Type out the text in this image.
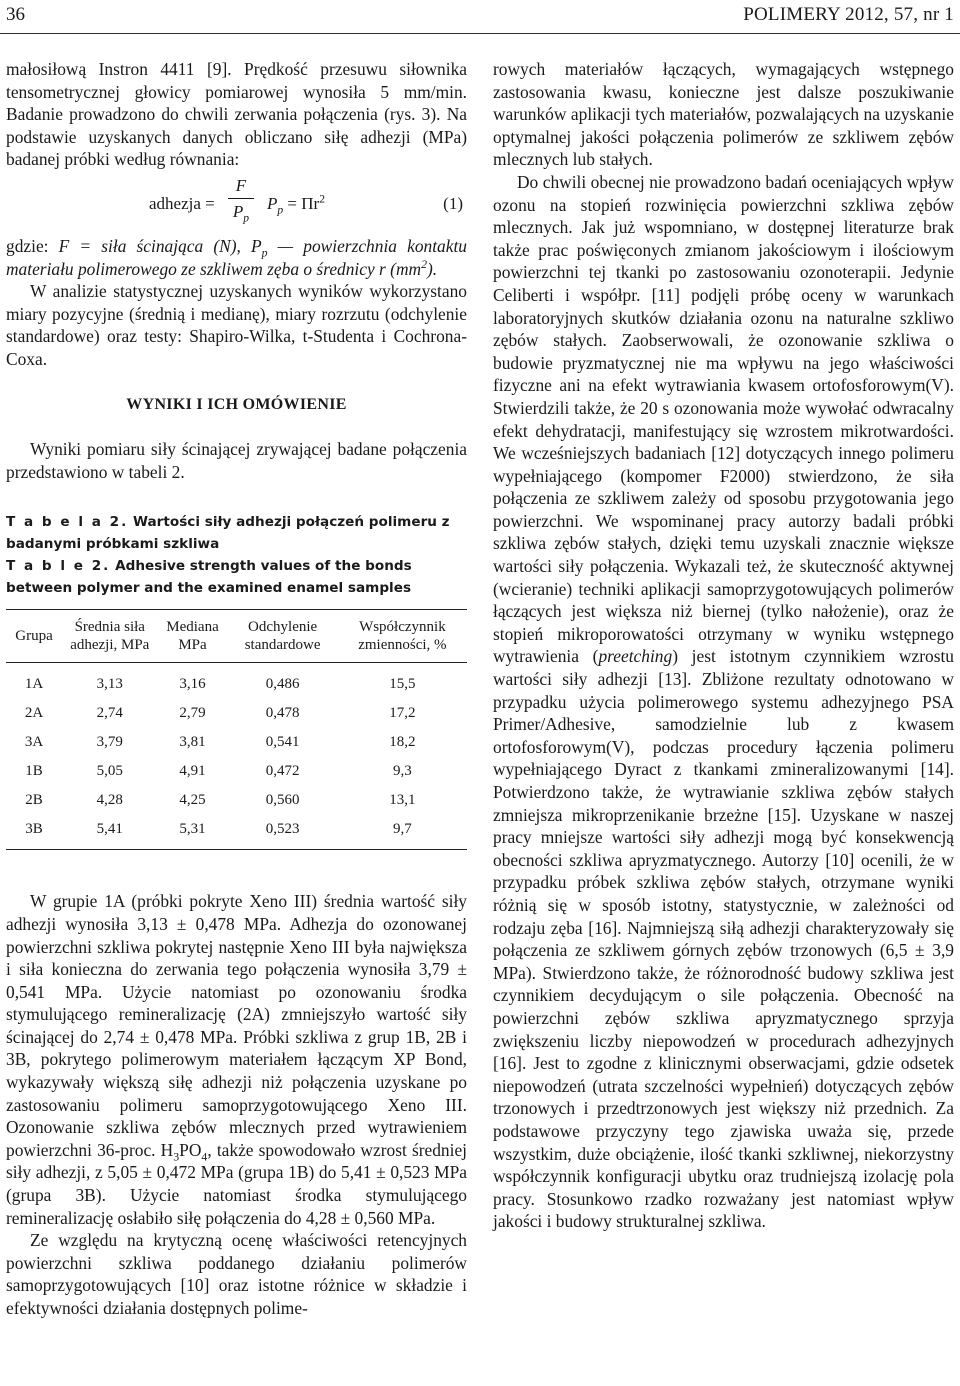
36	POLIMERY 2012, 57, nr 1

małosiłową Instron 4411 [9]. Prędkość przesuwu siłownika tensometrycznej głowicy pomiarowej wynosiła 5 mm/min. Badanie prowadzono do chwili zerwania połączenia (rys. 3). Na podstawie uzyskanych danych obliczano siłę adhezji (MPa) badanej próbki według równania:

adhezja =
F
$P_p$
$P_p = \Pi r^2$	(1)

gdzie: F = siła ścinająca (N), $P_p$ — powierzchnia kontaktu materiału polimerowego ze szkliwem zęba o średnicy r $(mm^2)$.

W analizie statystycznej uzyskanych wyników wykorzystano miary pozycyjne (średnią i medianę), miary rozrzutu (odchylenie standardowe) oraz testy: Shapiro-Wilka, t-Studenta i Cochrona-Coxa.

WYNIKI I ICH OMÓWIENIE

Wyniki pomiaru siły ścinającej zrywającej badane połączenia przedstawiono w tabeli 2.

T a b e l a 2. Wartości siły adhezji połączeń polimeru z badanymi próbkami szkliwa
T a b l e 2. Adhesive strength values of the bonds between polymer and the examined enamel samples
Grupa	Średnia siła adhezji, MPa	Mediana MPa	Odchylenie standardowe	Współczynnik zmienności, %
1A	3,13	3,16	0,486	15,5
2A	2,74	2,79	0,478	17,2
3A	3,79	3,81	0,541	18,2
1B	5,05	4,91	0,472	9,3
2B	4,28	4,25	0,560	13,1
3B	5,41	5,31	0,523	9,7

W grupie 1A (próbki pokryte Xeno III) średnia wartość siły adhezji wynosiła 3,13 ± 0,478 MPa. Adhezja do ozonowanej powierzchni szkliwa pokrytej następnie Xeno III była największa i siła konieczna do zerwania tego połączenia wynosiła 3,79 ± 0,541 MPa. Użycie natomiast po ozonowaniu środka stymulującego remineralizację (2A) zmniejszyło wartość siły ścinającej do 2,74 ± 0,478 MPa. Próbki szkliwa z grup 1B, 2B i 3B, pokrytego polimerowym materiałem łączącym XP Bond, wykazywały większą siłę adhezji niż połączenia uzyskane po zastosowaniu polimeru samoprzygotowującego Xeno III. Ozonowanie szkliwa zębów mlecznych przed wytrawieniem powierzchni 36-proc. $H_3PO_4$, także spowodowało wzrost średniej siły adhezji, z 5,05 ± 0,472 MPa (grupa 1B) do 5,41 ± 0,523 MPa (grupa 3B). Użycie natomiast środka stymulującego remineralizację osłabiło siłę połączenia do 4,28 ± 0,560 MPa.

Ze względu na krytyczną ocenę właściwości retencyjnych powierzchni szkliwa poddanego działaniu polimerów samoprzygotowujących [10] oraz istotne różnice w składzie i efektywności działania dostępnych polime-

rowych materiałów łączących, wymagających wstępnego zastosowania kwasu, konieczne jest dalsze poszukiwanie warunków aplikacji tych materiałów, pozwalających na uzyskanie optymalnej jakości połączenia polimerów ze szkliwem zębów mlecznych lub stałych.

Do chwili obecnej nie prowadzono badań oceniających wpływ ozonu na stopień rozwinięcia powierzchni szkliwa zębów mlecznych. Jak już wspomniano, w dostępnej literaturze brak także prac poświęconych zmianom jakościowym i ilościowym powierzchni tej tkanki po zastosowaniu ozonoterapii. Jedynie Celiberti i współpr. [11] podjęli próbę oceny w warunkach laboratoryjnych skutków działania ozonu na naturalne szkliwo zębów stałych. Zaobserwowali, że ozonowanie szkliwa o budowie pryzmatycznej nie ma wpływu na jego właściwości fizyczne ani na efekt wytrawiania kwasem ortofosforowym(V). Stwierdzili także, że 20 s ozonowania może wywołać odwracalny efekt dehydratacji, manifestujący się wzrostem mikrotwardości. We wcześniejszych badaniach [12] dotyczących innego polimeru wypełniającego (kompomer F2000) stwierdzono, że siła połączenia ze szkliwem zależy od sposobu przygotowania jego powierzchni. We wspominanej pracy autorzy badali próbki szkliwa zębów stałych, dzięki temu uzyskali znacznie większe wartości siły połączenia. Wykazali też, że skuteczność aktywnej (wcieranie) techniki aplikacji samoprzygotowujących polimerów łączących jest większa niż biernej (tylko nałożenie), oraz że stopień mikroporowatości otrzymany w wyniku wstępnego wytrawienia (preetching) jest istotnym czynnikiem wzrostu wartości siły adhezji [13]. Zbliżone rezultaty odnotowano w przypadku użycia polimerowego systemu adhezyjnego PSA Primer/Adhesive, samodzielnie lub z kwasem ortofosforowym(V), podczas procedury łączenia polimeru wypełniającego Dyract z tkankami zmineralizowanymi [14]. Potwierdzono także, że wytrawianie szkliwa zębów stałych zmniejsza mikroprzenikanie brzeżne [15]. Uzyskane w naszej pracy mniejsze wartości siły adhezji mogą być konsekwencją obecności szkliwa apryzmatycznego. Autorzy [10] ocenili, że w przypadku próbek szkliwa zębów stałych, otrzymane wyniki różnią się w sposób istotny, statystycznie, w zależności od rodzaju zęba [16]. Najmniejszą siłą adhezji charakteryzowały się połączenia ze szkliwem górnych zębów trzonowych (6,5 ± 3,9 MPa). Stwierdzono także, że różnorodność budowy szkliwa jest czynnikiem decydującym o sile połączenia. Obecność na powierzchni zębów szkliwa apryzmatycznego sprzyja zwiększeniu liczby niepowodzeń w procedurach adhezyjnych [16]. Jest to zgodne z klinicznymi obserwacjami, gdzie odsetek niepowodzeń (utrata szczelności wypełnień) dotyczących zębów trzonowych i przedtrzonowych jest większy niż przednich. Za podstawowe przyczyny tego zjawiska uważa się, przede wszystkim, duże obciążenie, ilość tkanki szkliwnej, niekorzystny współczynnik konfiguracji ubytku oraz trudniejszą izolację pola pracy. Stosunkowo rzadko rozważany jest natomiast wpływ jakości i budowy strukturalnej szkliwa.
